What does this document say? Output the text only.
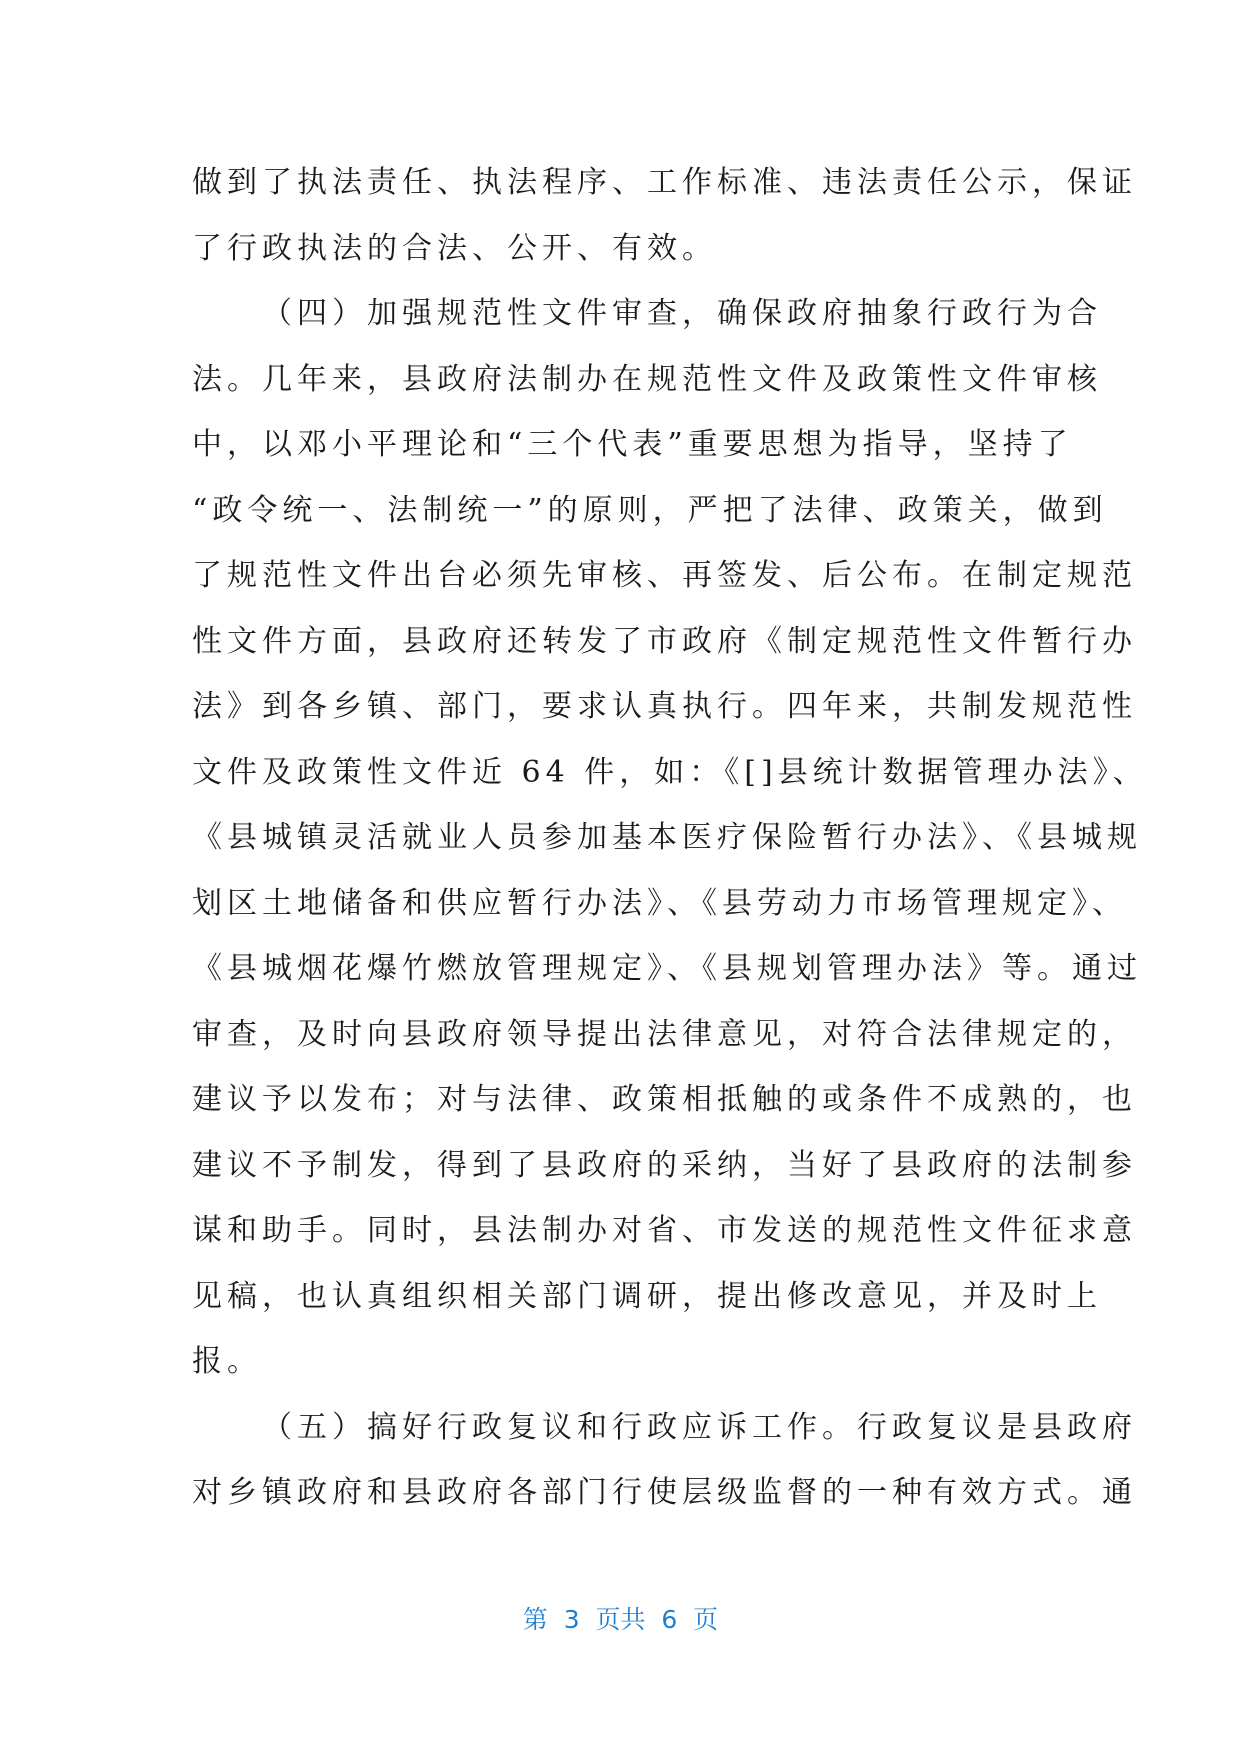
做到了执法责任、执法程序、工作标准、违法责任公示，保证
了行政执法的合法、公开、有效。
（四）加强规范性文件审查，确保政府抽象行政行为合
法。几年来，县政府法制办在规范性文件及政策性文件审核
中，以邓小平理论和“三个代表”重要思想为指导，坚持了
“政令统一、法制统一”的原则，严把了法律、政策关，做到
了规范性文件出台必须先审核、再签发、后公布。在制定规范
性文件方面，县政府还转发了市政府《制定规范性文件暂行办
法》到各乡镇、部门，要求认真执行。四年来，共制发规范性
文件及政策性文件近 64 件，如：《[]县统计数据管理办法》、
《县城镇灵活就业人员参加基本医疗保险暂行办法》、《县城规
划区土地储备和供应暂行办法》、《县劳动力市场管理规定》、
《县城烟花爆竹燃放管理规定》、《县规划管理办法》等。通过
审查，及时向县政府领导提出法律意见，对符合法律规定的，
建议予以发布；对与法律、政策相抵触的或条件不成熟的，也
建议不予制发，得到了县政府的采纳，当好了县政府的法制参
谋和助手。同时，县法制办对省、市发送的规范性文件征求意
见稿，也认真组织相关部门调研，提出修改意见，并及时上
报。
（五）搞好行政复议和行政应诉工作。行政复议是县政府
对乡镇政府和县政府各部门行使层级监督的一种有效方式。通
第  3  页共  6  页
